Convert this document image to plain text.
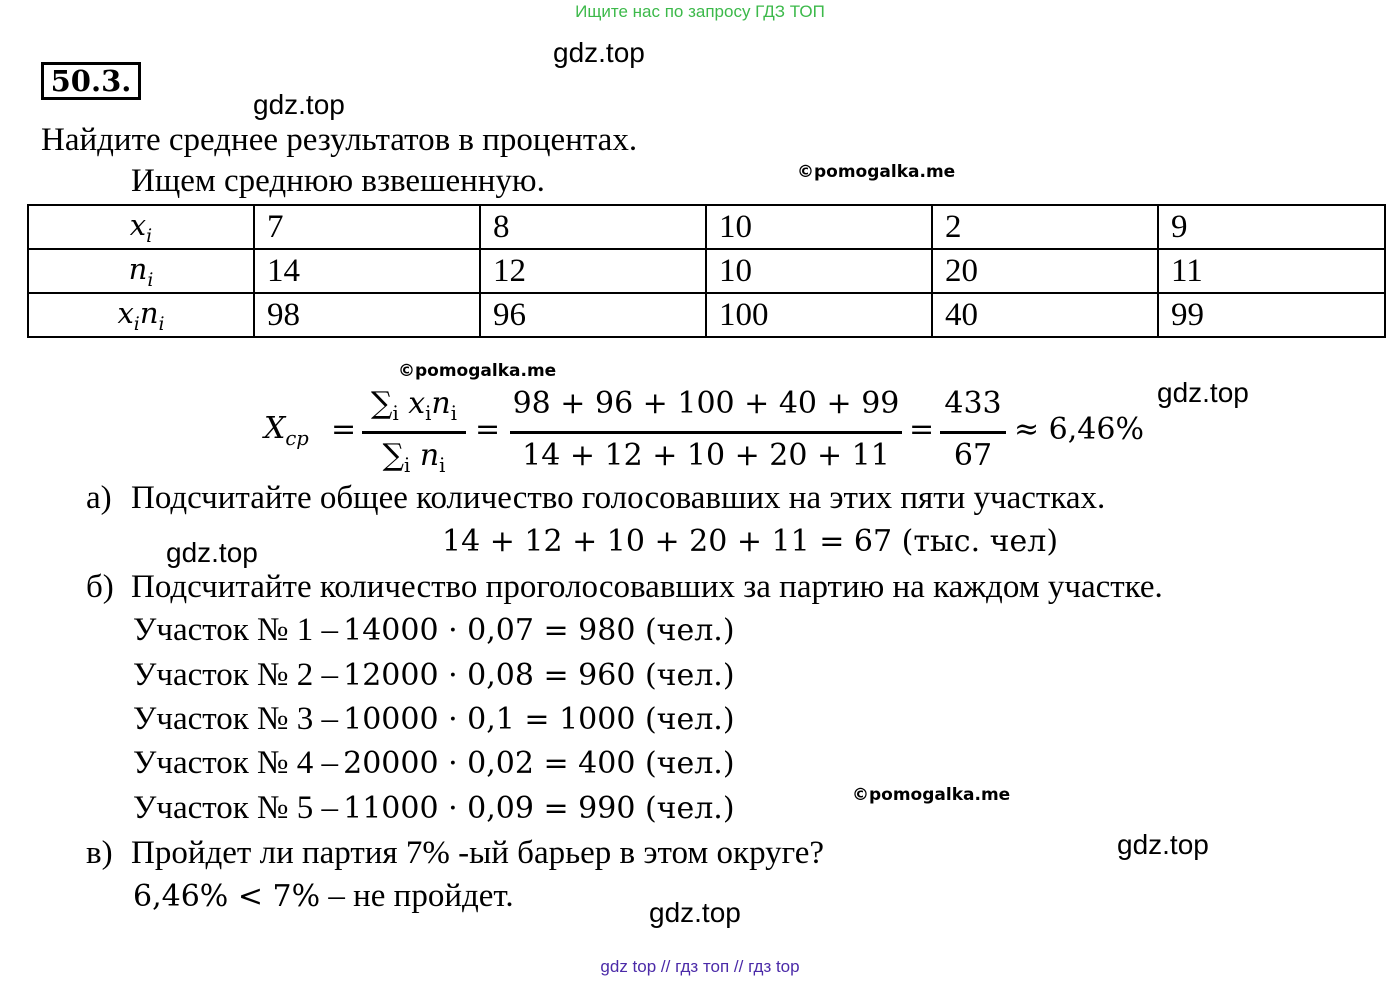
Ищите нас по запросу ГДЗ ТОП
50.3.
gdz.top
gdz.top
Найдите среднее результатов в процентах.
Ищем среднюю взвешенную.	©pomogalka.me
$x_i$	7	8	10	2	9
$n_i$	14	12	10	20	11
$x_in_i$	98	96	100	40	99
©pomogalka.me
gdz.top
$X_{ср}$ =
$\sum_i$ $x_in_i$
$\sum_i$ $n_i$
=
98 + 96 + 100 + 40 + 99
14 + 12 + 10 + 20 + 11
=
433
67
≈ 6,46%
а) Подсчитайте общее количество голосовавших на этих пяти участках.
14 + 12 + 10 + 20 + 11 = 67 (тыс. чел)
gdz.top
б) Подсчитайте количество проголосовавших за партию на каждом участке.
Участок № 1 – 14000 · 0,07 = 980 (чел.)
Участок № 2 – 12000 · 0,08 = 960 (чел.)
Участок № 3 – 10000 · 0,1 = 1000 (чел.)
Участок № 4 – 20000 · 0,02 = 400 (чел.)
Участок № 5 – 11000 · 0,09 = 990 (чел.)	©pomogalka.me
в) Пройдет ли партия 7% -ый барьер в этом округе?	gdz.top
6,46% < 7% – не пройдет.	gdz.top
gdz top // гдз топ // гдз top
